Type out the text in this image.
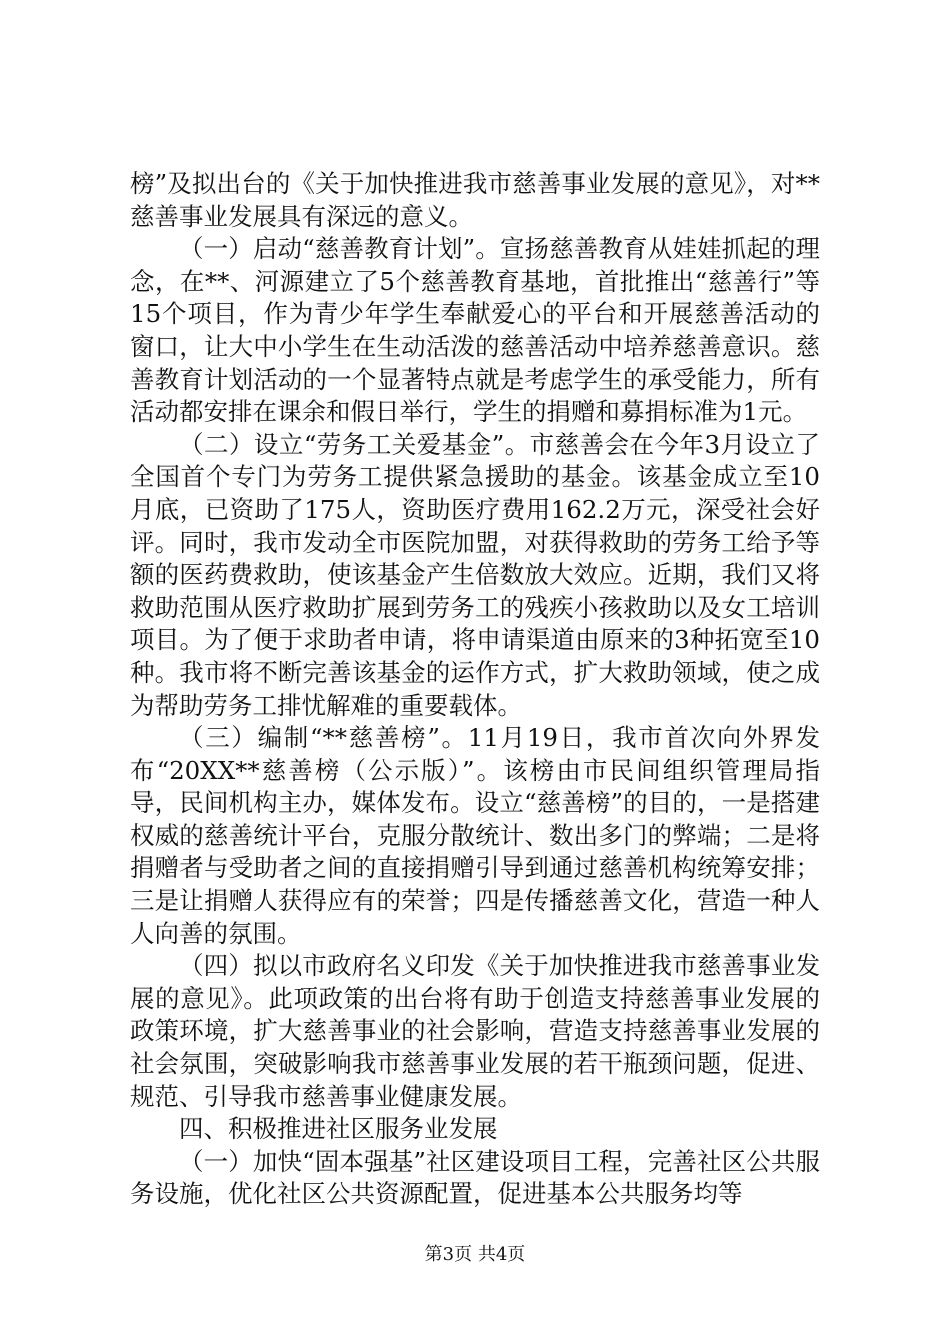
榜”及拟出台的《关于加快推进我市慈善事业发展的意见》，对**慈善事业发展具有深远的意义。

（一）启动“慈善教育计划”。宣扬慈善教育从娃娃抓起的理念，在**、河源建立了5个慈善教育基地，首批推出“慈善行”等15个项目，作为青少年学生奉献爱心的平台和开展慈善活动的窗口，让大中小学生在生动活泼的慈善活动中培养慈善意识。慈善教育计划活动的一个显著特点就是考虑学生的承受能力，所有活动都安排在课余和假日举行，学生的捐赠和募捐标准为1元。

（二）设立“劳务工关爱基金”。市慈善会在今年3月设立了全国首个专门为劳务工提供紧急援助的基金。该基金成立至10月底，已资助了175人，资助医疗费用162.2万元，深受社会好评。同时，我市发动全市医院加盟，对获得救助的劳务工给予等额的医药费救助，使该基金产生倍数放大效应。近期，我们又将救助范围从医疗救助扩展到劳务工的残疾小孩救助以及女工培训项目。为了便于求助者申请，将申请渠道由原来的3种拓宽至10种。我市将不断完善该基金的运作方式，扩大救助领域，使之成为帮助劳务工排忧解难的重要载体。

（三）编制“**慈善榜”。11月19日，我市首次向外界发布“20XX**慈善榜（公示版）”。该榜由市民间组织管理局指导，民间机构主办，媒体发布。设立“慈善榜”的目的，一是搭建权威的慈善统计平台，克服分散统计、数出多门的弊端；二是将捐赠者与受助者之间的直接捐赠引导到通过慈善机构统筹安排；三是让捐赠人获得应有的荣誉；四是传播慈善文化，营造一种人人向善的氛围。

（四）拟以市政府名义印发《关于加快推进我市慈善事业发展的意见》。此项政策的出台将有助于创造支持慈善事业发展的政策环境，扩大慈善事业的社会影响，营造支持慈善事业发展的社会氛围，突破影响我市慈善事业发展的若干瓶颈问题，促进、规范、引导我市慈善事业健康发展。

四、积极推进社区服务业发展

（一）加快“固本强基”社区建设项目工程，完善社区公共服务设施，优化社区公共资源配置，促进基本公共服务均等

第3页 共4页
